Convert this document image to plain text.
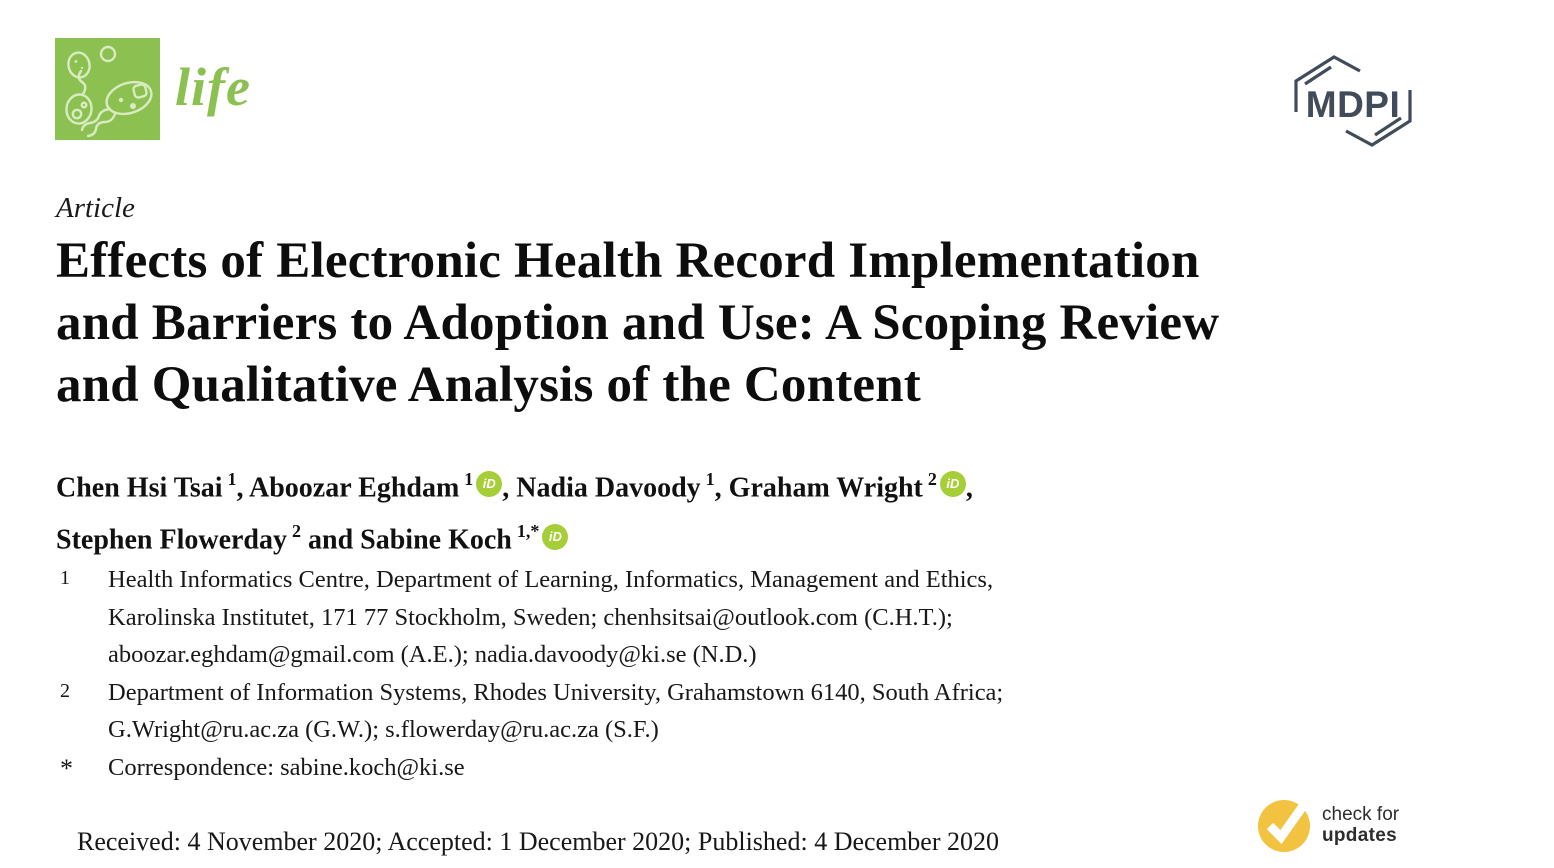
life	MDPI
Article
Effects of Electronic Health Record Implementation
and Barriers to Adoption and Use: A Scoping Review
and Qualitative Analysis of the Content
Chen Hsi Tsai $^1$, Aboozar Eghdam $^1$ iD , Nadia Davoody $^1$, Graham Wright $^2$ iD ,
Stephen Flowerday $^2$ and Sabine Koch $^{1,*}$ iD
1	Health Informatics Centre, Department of Learning, Informatics, Management and Ethics,
Karolinska Institutet, 171 77 Stockholm, Sweden; chenhsitsai@outlook.com (C.H.T.);
aboozar.eghdam@gmail.com (A.E.); nadia.davoody@ki.se (N.D.)
2	Department of Information Systems, Rhodes University, Grahamstown 6140, South Africa;
G.Wright@ru.ac.za (G.W.); s.flowerday@ru.ac.za (S.F.)
*	Correspondence: sabine.koch@ki.se
Received: 4 November 2020; Accepted: 1 December 2020; Published: 4 December 2020
check for
updates
